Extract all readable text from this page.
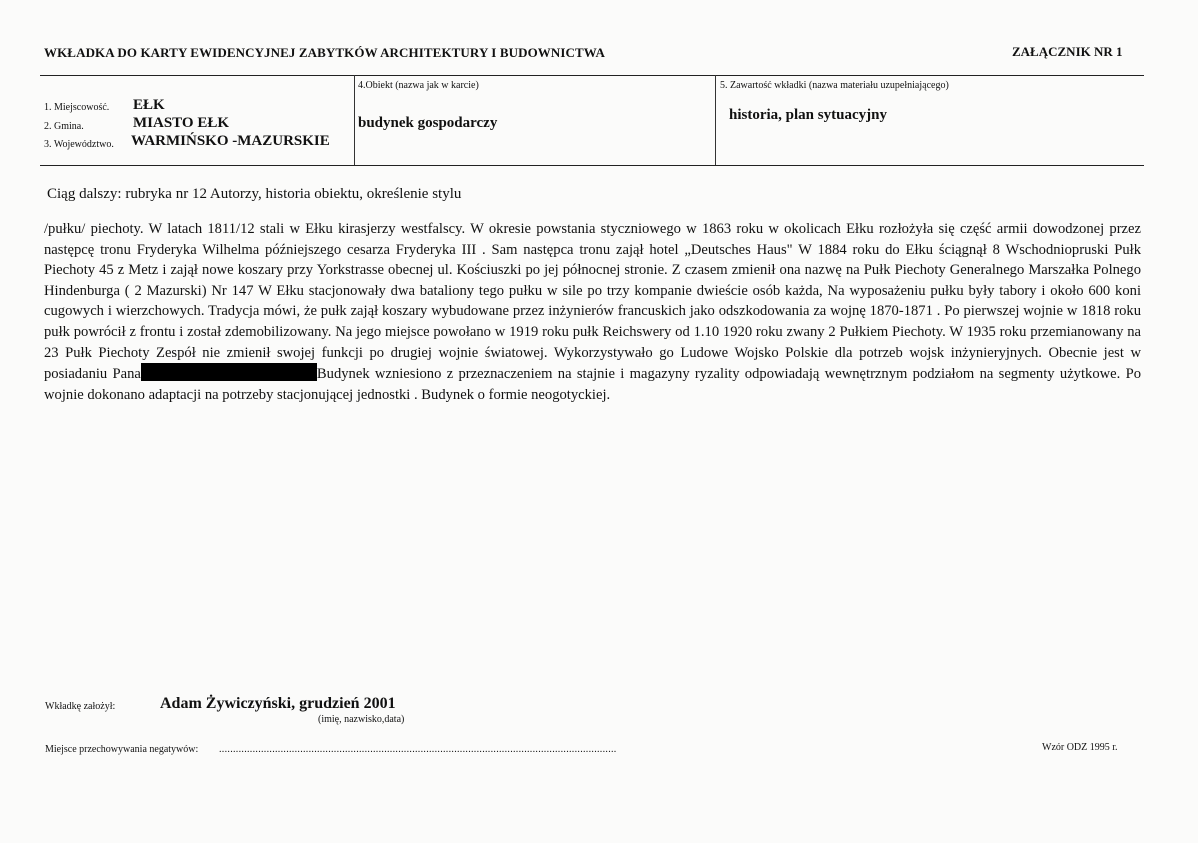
WKŁADKA DO KARTY EWIDENCYJNEJ ZABYTKÓW ARCHITEKTURY I BUDOWNICTWA	ZAŁĄCZNIK NR 1
1. Miejscowość. EŁK
2. Gmina.	MIASTO EŁK
3. Województwo. WARMIŃSKO -MAZURSKIE
4.Obiekt (nazwa jak w karcie)
budynek gospodarczy
5. Zawartość wkładki (nazwa materiału uzupełniającego)
historia, plan sytuacyjny
Ciąg dalszy: rubryka nr 12 Autorzy, historia obiektu, określenie stylu
/pułku/ piechoty. W latach 1811/12 stali w Ełku kirasjerzy westfalscy. W okresie powstania styczniowego w 1863 roku w okolicach Ełku rozłożyła się część armii dowodzonej przez następcę tronu Fryderyka Wilhelma późniejszego cesarza Fryderyka III . Sam następca tronu zajął hotel „Deutsches Haus" W 1884 roku do Ełku ściągnął 8 Wschodniopruski Pułk Piechoty 45 z Metz i zajął nowe koszary przy Yorkstrasse obecnej ul. Kościuszki po jej północnej stronie. Z czasem zmienił ona nazwę na Pułk Piechoty Generalnego Marszałka Polnego Hindenburga ( 2 Mazurski) Nr 147 W Ełku stacjonowały dwa bataliony tego pułku w sile po trzy kompanie dwieście osób każda, Na wyposażeniu pułku były tabory i około 600 koni cugowych i wierzchowych. Tradycja mówi, że pułk zajął koszary wybudowane przez inżynierów francuskich jako odszkodowania za wojnę 1870-1871 . Po pierwszej wojnie w 1818 roku pułk powrócił z frontu i został zdemobilizowany. Na jego miejsce powołano w 1919 roku pułk Reichswery od 1.10 1920 roku zwany 2 Pułkiem Piechoty. W 1935 roku przemianowany na 23 Pułk Piechoty Zespół nie zmienił swojej funkcji po drugiej wojnie światowej. Wykorzystywało go Ludowe Wojsko Polskie dla potrzeb wojsk inżynieryjnych. Obecnie jest w posiadaniu Pana	Budynek wzniesiono z przeznaczeniem na stajnie i magazyny ryzality odpowiadają wewnętrznym podziałom na segmenty użytkowe. Po wojnie dokonano adaptacji na potrzeby stacjonującej jednostki . Budynek o formie neogotyckiej.
Wkładkę założył:	Adam Żywiczyński, grudzień 2001
(imię, nazwisko,data)
Miejsce przechowywania negatywów: ..............................................................................................................................................	Wzór ODZ 1995 r.
